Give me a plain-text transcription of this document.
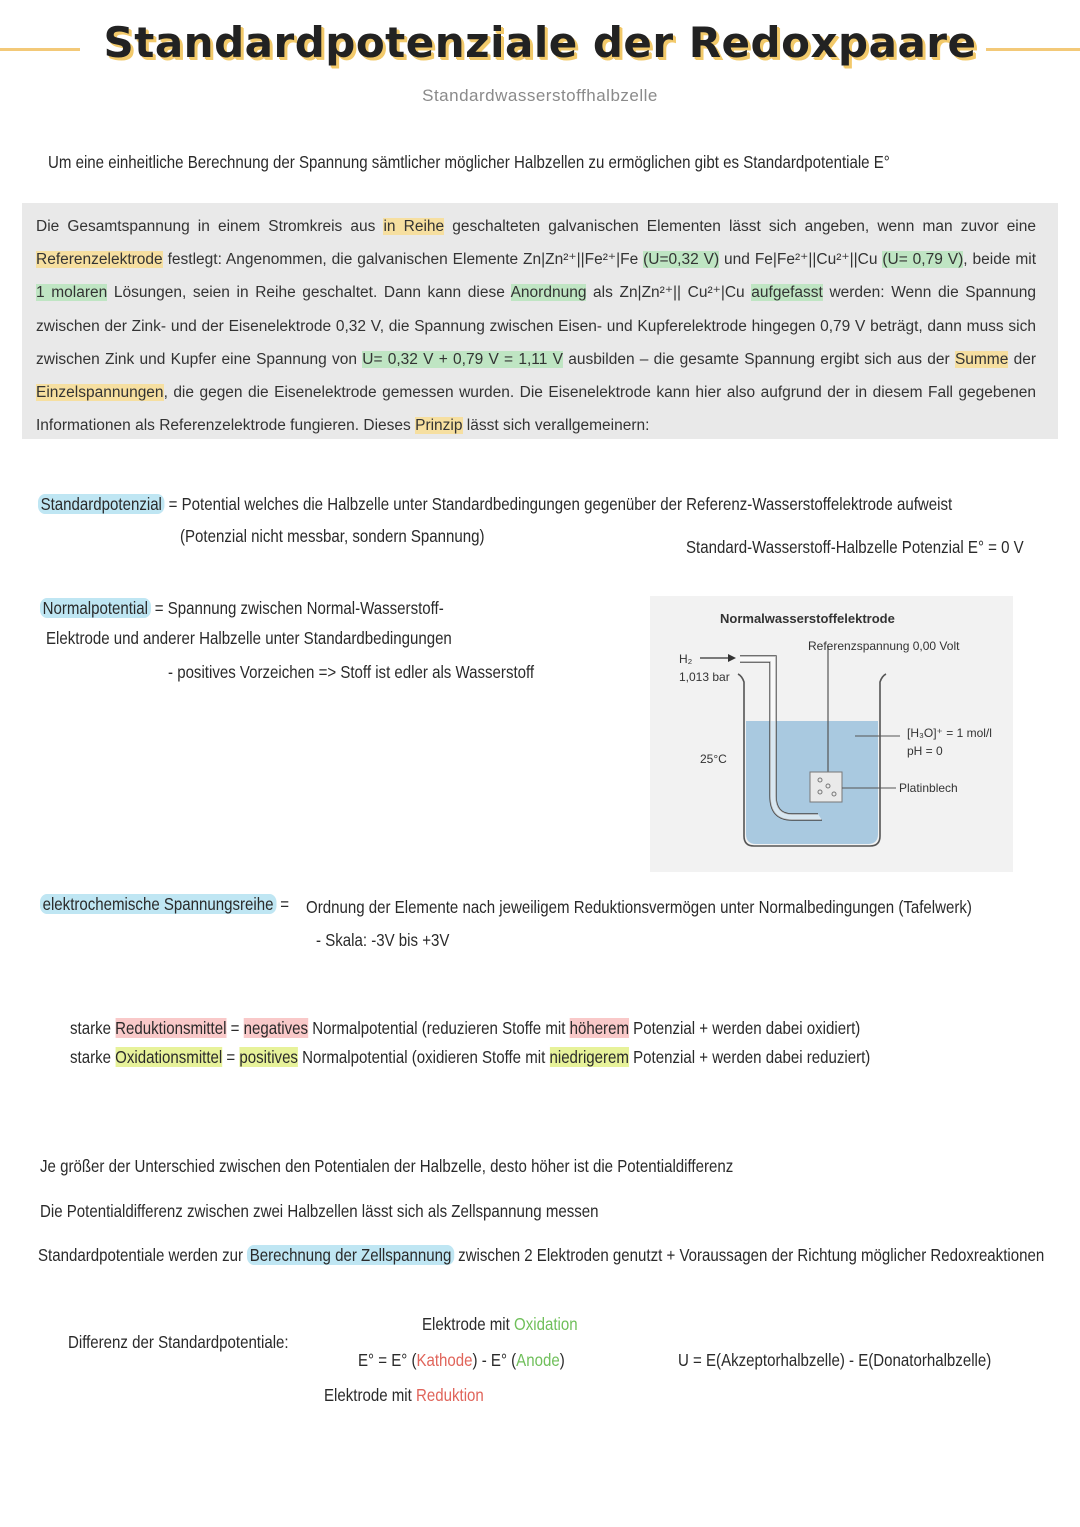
Standardpotenziale der Redoxpaare
Standardwasserstoffhalbzelle
Um eine einheitliche Berechnung der Spannung sämtlicher möglicher Halbzellen zu ermöglichen gibt es Standardpotentiale E°
Die Gesamtspannung in einem Stromkreis aus in Reihe geschalteten galvanischen Elementen lässt sich angeben, wenn man zuvor eine Referenzelektrode festlegt: Angenommen, die galvanischen Elemente Zn|Zn²⁺||Fe²⁺|Fe (U=0,32 V) und Fe|Fe²⁺||Cu²⁺||Cu (U= 0,79 V), beide mit 1 molaren Lösungen, seien in Reihe geschaltet. Dann kann diese Anordnung als Zn|Zn²⁺|| Cu²⁺|Cu aufgefasst werden: Wenn die Spannung zwischen der Zink- und der Eisenelektrode 0,32 V, die Spannung zwischen Eisen- und Kupferelektrode hingegen 0,79 V beträgt, dann muss sich zwischen Zink und Kupfer eine Spannung von U= 0,32 V + 0,79 V = 1,11 V ausbilden – die gesamte Spannung ergibt sich aus der Summe der Einzelspannungen, die gegen die Eisenelektrode gemessen wurden. Die Eisenelektrode kann hier also aufgrund der in diesem Fall gegebenen Informationen als Referenzelektrode fungieren. Dieses Prinzip lässt sich verallgemeinern:
Standardpotenzial = Potential welches die Halbzelle unter Standardbedingungen gegenüber der Referenz-Wasserstoffelektrode aufweist
(Potenzial nicht messbar, sondern Spannung)
Standard-Wasserstoff-Halbzelle Potenzial E° = 0 V
Normalpotential = Spannung zwischen Normal-Wasserstoff-
Elektrode und anderer Halbzelle unter Standardbedingungen
- positives Vorzeichen => Stoff ist edler als Wasserstoff
Normalwasserstoffelektrode
Referenzspannung 0,00 Volt
H₂
1,013 bar
25°C
[H₃O]⁺ = 1 mol/l
pH = 0
Platinblech
elektrochemische Spannungsreihe = Ordnung der Elemente nach jeweiligem Reduktionsvermögen unter Normalbedingungen (Tafelwerk)
- Skala: -3V bis +3V
starke Reduktionsmittel = negatives Normalpotential (reduzieren Stoffe mit höherem Potenzial + werden dabei oxidiert)
starke Oxidationsmittel = positives Normalpotential (oxidieren Stoffe mit niedrigerem Potenzial + werden dabei reduziert)
Je größer der Unterschied zwischen den Potentialen der Halbzelle, desto höher ist die Potentialdifferenz
Die Potentialdifferenz zwischen zwei Halbzellen lässt sich als Zellspannung messen
Standardpotentiale werden zur Berechnung der Zellspannung zwischen 2 Elektroden genutzt + Voraussagen der Richtung möglicher Redoxreaktionen
Differenz der Standardpotentiale:
Elektrode mit Oxidation
E° = E° (Kathode) - E° (Anode)
Elektrode mit Reduktion
U = E(Akzeptorhalbzelle) - E(Donatorhalbzelle)
